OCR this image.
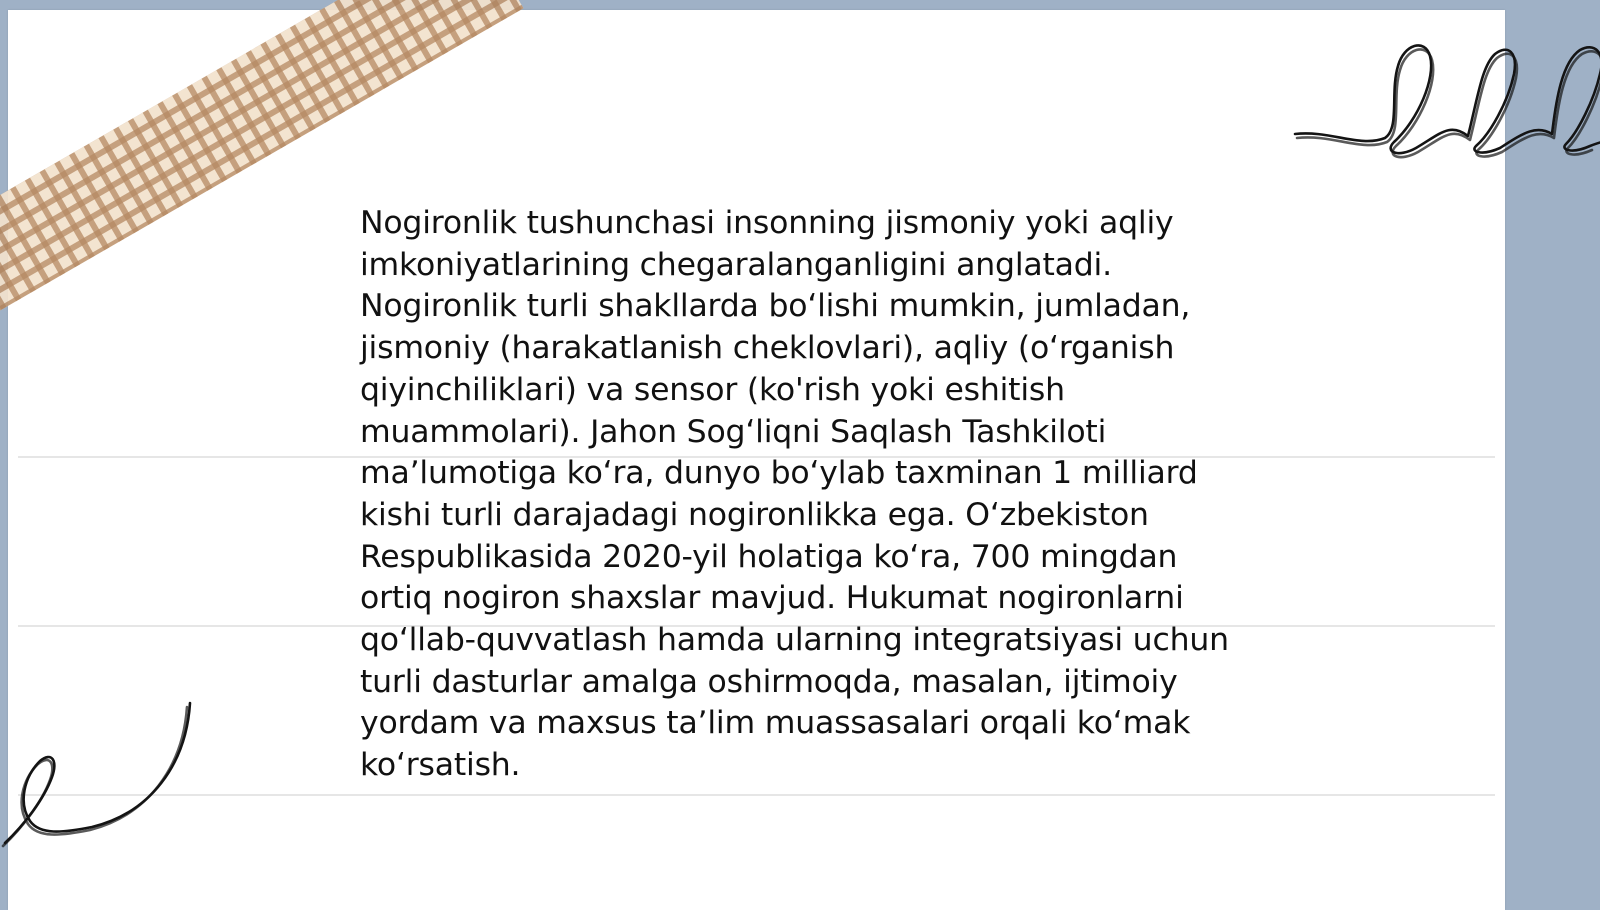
Nogironlik tushunchasi insonning jismoniy yoki aqliy imkoniyatlarining chegaralanganligini anglatadi. Nogironlik turli shakllarda bo‘lishi mumkin, jumladan, jismoniy (harakatlanish cheklovlari), aqliy (o‘rganish qiyinchiliklari) va sensor (ko'rish yoki eshitish muammolari). Jahon Sog‘liqni Saqlash Tashkiloti ma’lumotiga ko‘ra, dunyo bo‘ylab taxminan 1 milliard kishi turli darajadagi nogironlikka ega. O‘zbekiston Respublikasida 2020-yil holatiga ko‘ra, 700 mingdan ortiq nogiron shaxslar mavjud. Hukumat nogironlarni qo‘llab-quvvatlash hamda ularning integratsiyasi uchun turli dasturlar amalga oshirmoqda, masalan, ijtimoiy yordam va maxsus ta’lim muassasalari orqali ko‘mak ko‘rsatish.
